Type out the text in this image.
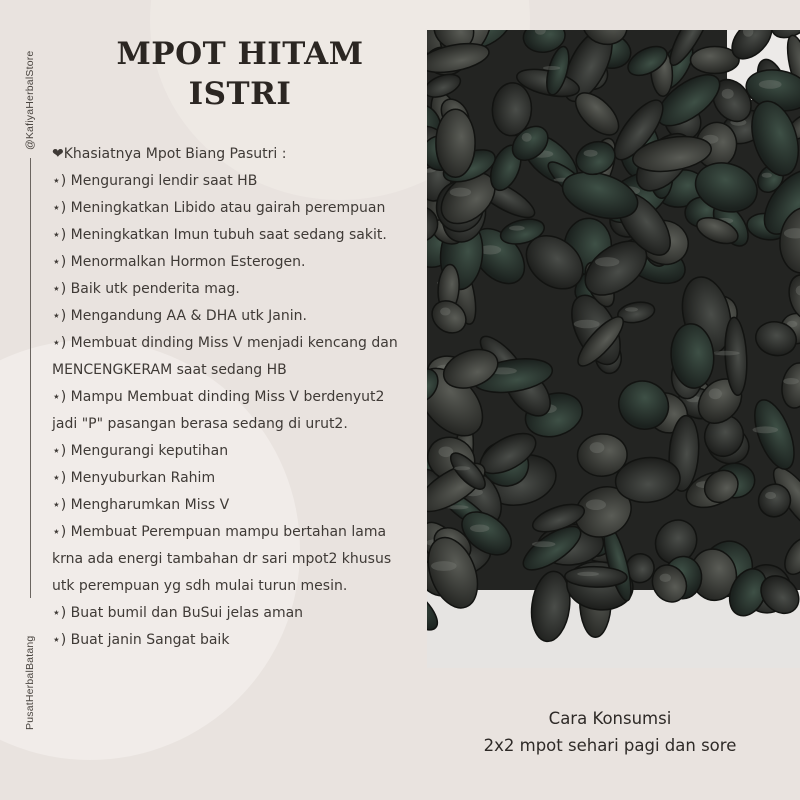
@KafiyaHerbalStore
PusatHerbalBatang
MPOT HITAM
ISTRI

❤Khasiatnya Mpot Biang Pasutri :

⋆) Mengurangi lendir saat HB
⋆) Meningkatkan Libido atau gairah perempuan
⋆) Meningkatkan Imun tubuh saat sedang sakit.
⋆) Menormalkan Hormon Esterogen.
⋆) Baik utk penderita mag.
⋆) Mengandung AA & DHA utk Janin.
⋆) Membuat dinding Miss V menjadi kencang dan MENCENGKERAM saat sedang HB
⋆) Mampu Membuat dinding Miss V berdenyut2 jadi "P" pasangan berasa sedang di urut2.
⋆) Mengurangi keputihan
⋆) Menyuburkan Rahim
⋆) Mengharumkan Miss V
⋆) Membuat Perempuan mampu bertahan lama krna ada energi tambahan dr sari mpot2 khusus utk perempuan yg sdh mulai turun mesin.
⋆) Buat bumil dan BuSui jelas aman
⋆) Buat janin Sangat baik
Cara Konsumsi
2x2 mpot sehari pagi dan sore
